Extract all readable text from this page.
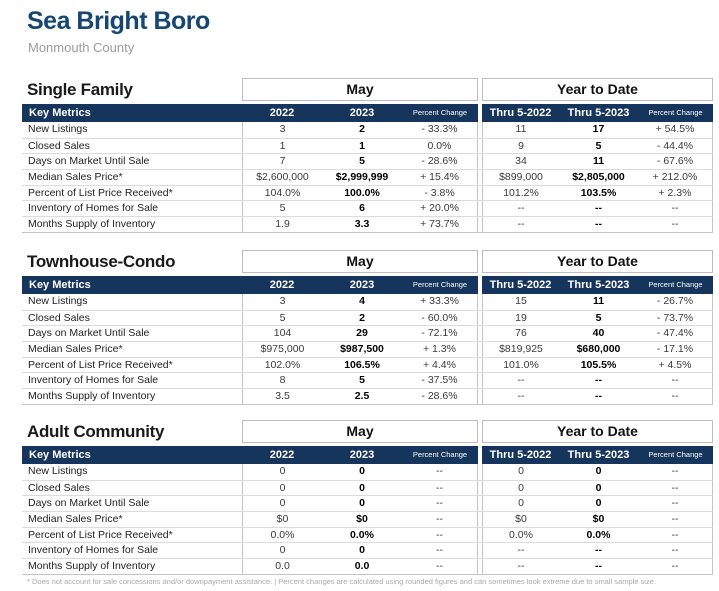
Sea Bright Boro
Monmouth County
Single Family	May	Year to Date
Key Metrics	2022	2023	Percent Change	Thru 5-2022	Thru 5-2023	Percent Change
New Listings	3	2	- 33.3%	11	17	+ 54.5%
Closed Sales	1	1	0.0%	9	5	- 44.4%
Days on Market Until Sale	7	5	- 28.6%	34	11	- 67.6%
Median Sales Price*	$2,600,000	$2,999,999	+ 15.4%	$899,000	$2,805,000	+ 212.0%
Percent of List Price Received*	104.0%	100.0%	- 3.8%	101.2%	103.5%	+ 2.3%
Inventory of Homes for Sale	5	6	+ 20.0%	--	--	--
Months Supply of Inventory	1.9	3.3	+ 73.7%	--	--	--
Townhouse-Condo	May	Year to Date
Key Metrics	2022	2023	Percent Change	Thru 5-2022	Thru 5-2023	Percent Change
New Listings	3	4	+ 33.3%	15	11	- 26.7%
Closed Sales	5	2	- 60.0%	19	5	- 73.7%
Days on Market Until Sale	104	29	- 72.1%	76	40	- 47.4%
Median Sales Price*	$975,000	$987,500	+ 1.3%	$819,925	$680,000	- 17.1%
Percent of List Price Received*	102.0%	106.5%	+ 4.4%	101.0%	105.5%	+ 4.5%
Inventory of Homes for Sale	8	5	- 37.5%	--	--	--
Months Supply of Inventory	3.5	2.5	- 28.6%	--	--	--
Adult Community	May	Year to Date
Key Metrics	2022	2023	Percent Change	Thru 5-2022	Thru 5-2023	Percent Change
New Listings	0	0	--	0	0	--
Closed Sales	0	0	--	0	0	--
Days on Market Until Sale	0	0	--	0	0	--
Median Sales Price*	$0	$0	--	$0	$0	--
Percent of List Price Received*	0.0%	0.0%	--	0.0%	0.0%	--
Inventory of Homes for Sale	0	0	--	--	--	--
Months Supply of Inventory	0.0	0.0	--	--	--	--
* Does not account for sale concessions and/or downpayment assistance. | Percent changes are calculated using rounded figures and can sometimes look extreme due to small sample size.
